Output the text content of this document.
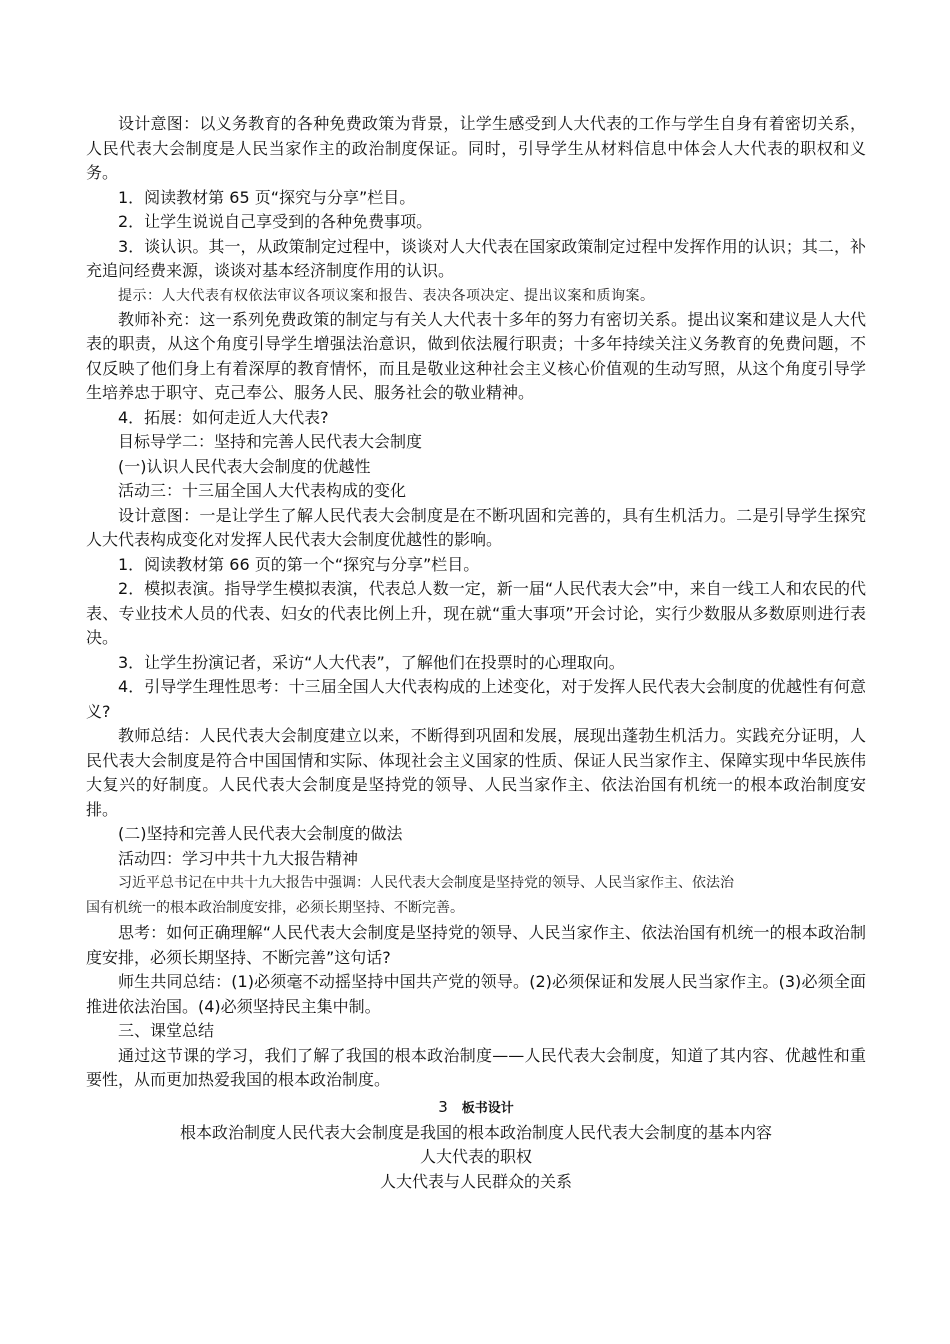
设计意图：以义务教育的各种免费政策为背景，让学生感受到人大代表的工作与学生自身有着密切关系，人民代表大会制度是人民当家作主的政治制度保证。同时，引导学生从材料信息中体会人大代表的职权和义务。

1．阅读教材第 65 页“探究与分享”栏目。

2．让学生说说自己享受到的各种免费事项。

3．谈认识。其一，从政策制定过程中，谈谈对人大代表在国家政策制定过程中发挥作用的认识；其二，补充追问经费来源，谈谈对基本经济制度作用的认识。

提示：人大代表有权依法审议各项议案和报告、表决各项决定、提出议案和质询案。

教师补充：这一系列免费政策的制定与有关人大代表十多年的努力有密切关系。提出议案和建议是人大代表的职责，从这个角度引导学生增强法治意识，做到依法履行职责；十多年持续关注义务教育的免费问题，不仅反映了他们身上有着深厚的教育情怀，而且是敬业这种社会主义核心价值观的生动写照，从这个角度引导学生培养忠于职守、克己奉公、服务人民、服务社会的敬业精神。

4．拓展：如何走近人大代表?

目标导学二：坚持和完善人民代表大会制度

(一)认识人民代表大会制度的优越性

活动三：十三届全国人大代表构成的变化

设计意图：一是让学生了解人民代表大会制度是在不断巩固和完善的，具有生机活力。二是引导学生探究人大代表构成变化对发挥人民代表大会制度优越性的影响。

1．阅读教材第 66 页的第一个“探究与分享”栏目。

2．模拟表演。指导学生模拟表演，代表总人数一定，新一届“人民代表大会”中，来自一线工人和农民的代表、专业技术人员的代表、妇女的代表比例上升，现在就“重大事项”开会讨论，实行少数服从多数原则进行表决。

3．让学生扮演记者，采访“人大代表”，了解他们在投票时的心理取向。

4．引导学生理性思考：十三届全国人大代表构成的上述变化，对于发挥人民代表大会制度的优越性有何意义?

教师总结：人民代表大会制度建立以来，不断得到巩固和发展，展现出蓬勃生机活力。实践充分证明，人民代表大会制度是符合中国国情和实际、体现社会主义国家的性质、保证人民当家作主、保障实现中华民族伟大复兴的好制度。人民代表大会制度是坚持党的领导、人民当家作主、依法治国有机统一的根本政治制度安排。

(二)坚持和完善人民代表大会制度的做法

活动四：学习中共十九大报告精神

习近平总书记在中共十九大报告中强调：人民代表大会制度是坚持党的领导、人民当家作主、依法治
国有机统一的根本政治制度安排，必须长期坚持、不断完善。

思考：如何正确理解“人民代表大会制度是坚持党的领导、人民当家作主、依法治国有机统一的根本政治制度安排，必须长期坚持、不断完善”这句话?

师生共同总结：(1)必须毫不动摇坚持中国共产党的领导。(2)必须保证和发展人民当家作主。(3)必须全面推进依法治国。(4)必须坚持民主集中制。

三、课堂总结

通过这节课的学习，我们了解了我国的根本政治制度——人民代表大会制度，知道了其内容、优越性和重要性，从而更加热爱我国的根本政治制度。

3 板书设计

根本政治制度人民代表大会制度是我国的根本政治制度人民代表大会制度的基本内容

人大代表的职权

人大代表与人民群众的关系
